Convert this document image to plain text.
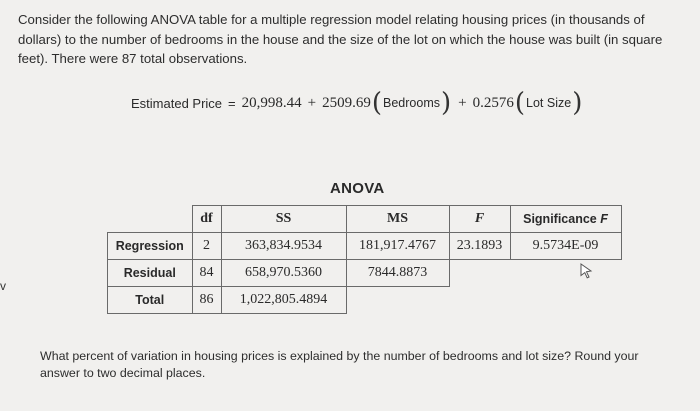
Consider the following ANOVA table for a multiple regression model relating housing prices (in thousands of dollars) to the number of bedrooms in the house and the size of the lot on which the house was built (in square feet). There were 87 total observations.
Estimated Price = 20,998.44 + 2509.69 ( Bedrooms ) + 0.2576 ( Lot Size )
ANOVA
	df	SS	MS	F	Significance F
Regression	2	363,834.9534	181,917.4767	23.1893	9.5734E-09
Residual	84	658,970.5360	7844.8873		
Total	86	1,022,805.4894			
v
What percent of variation in housing prices is explained by the number of bedrooms and lot size? Round your answer to two decimal places.
